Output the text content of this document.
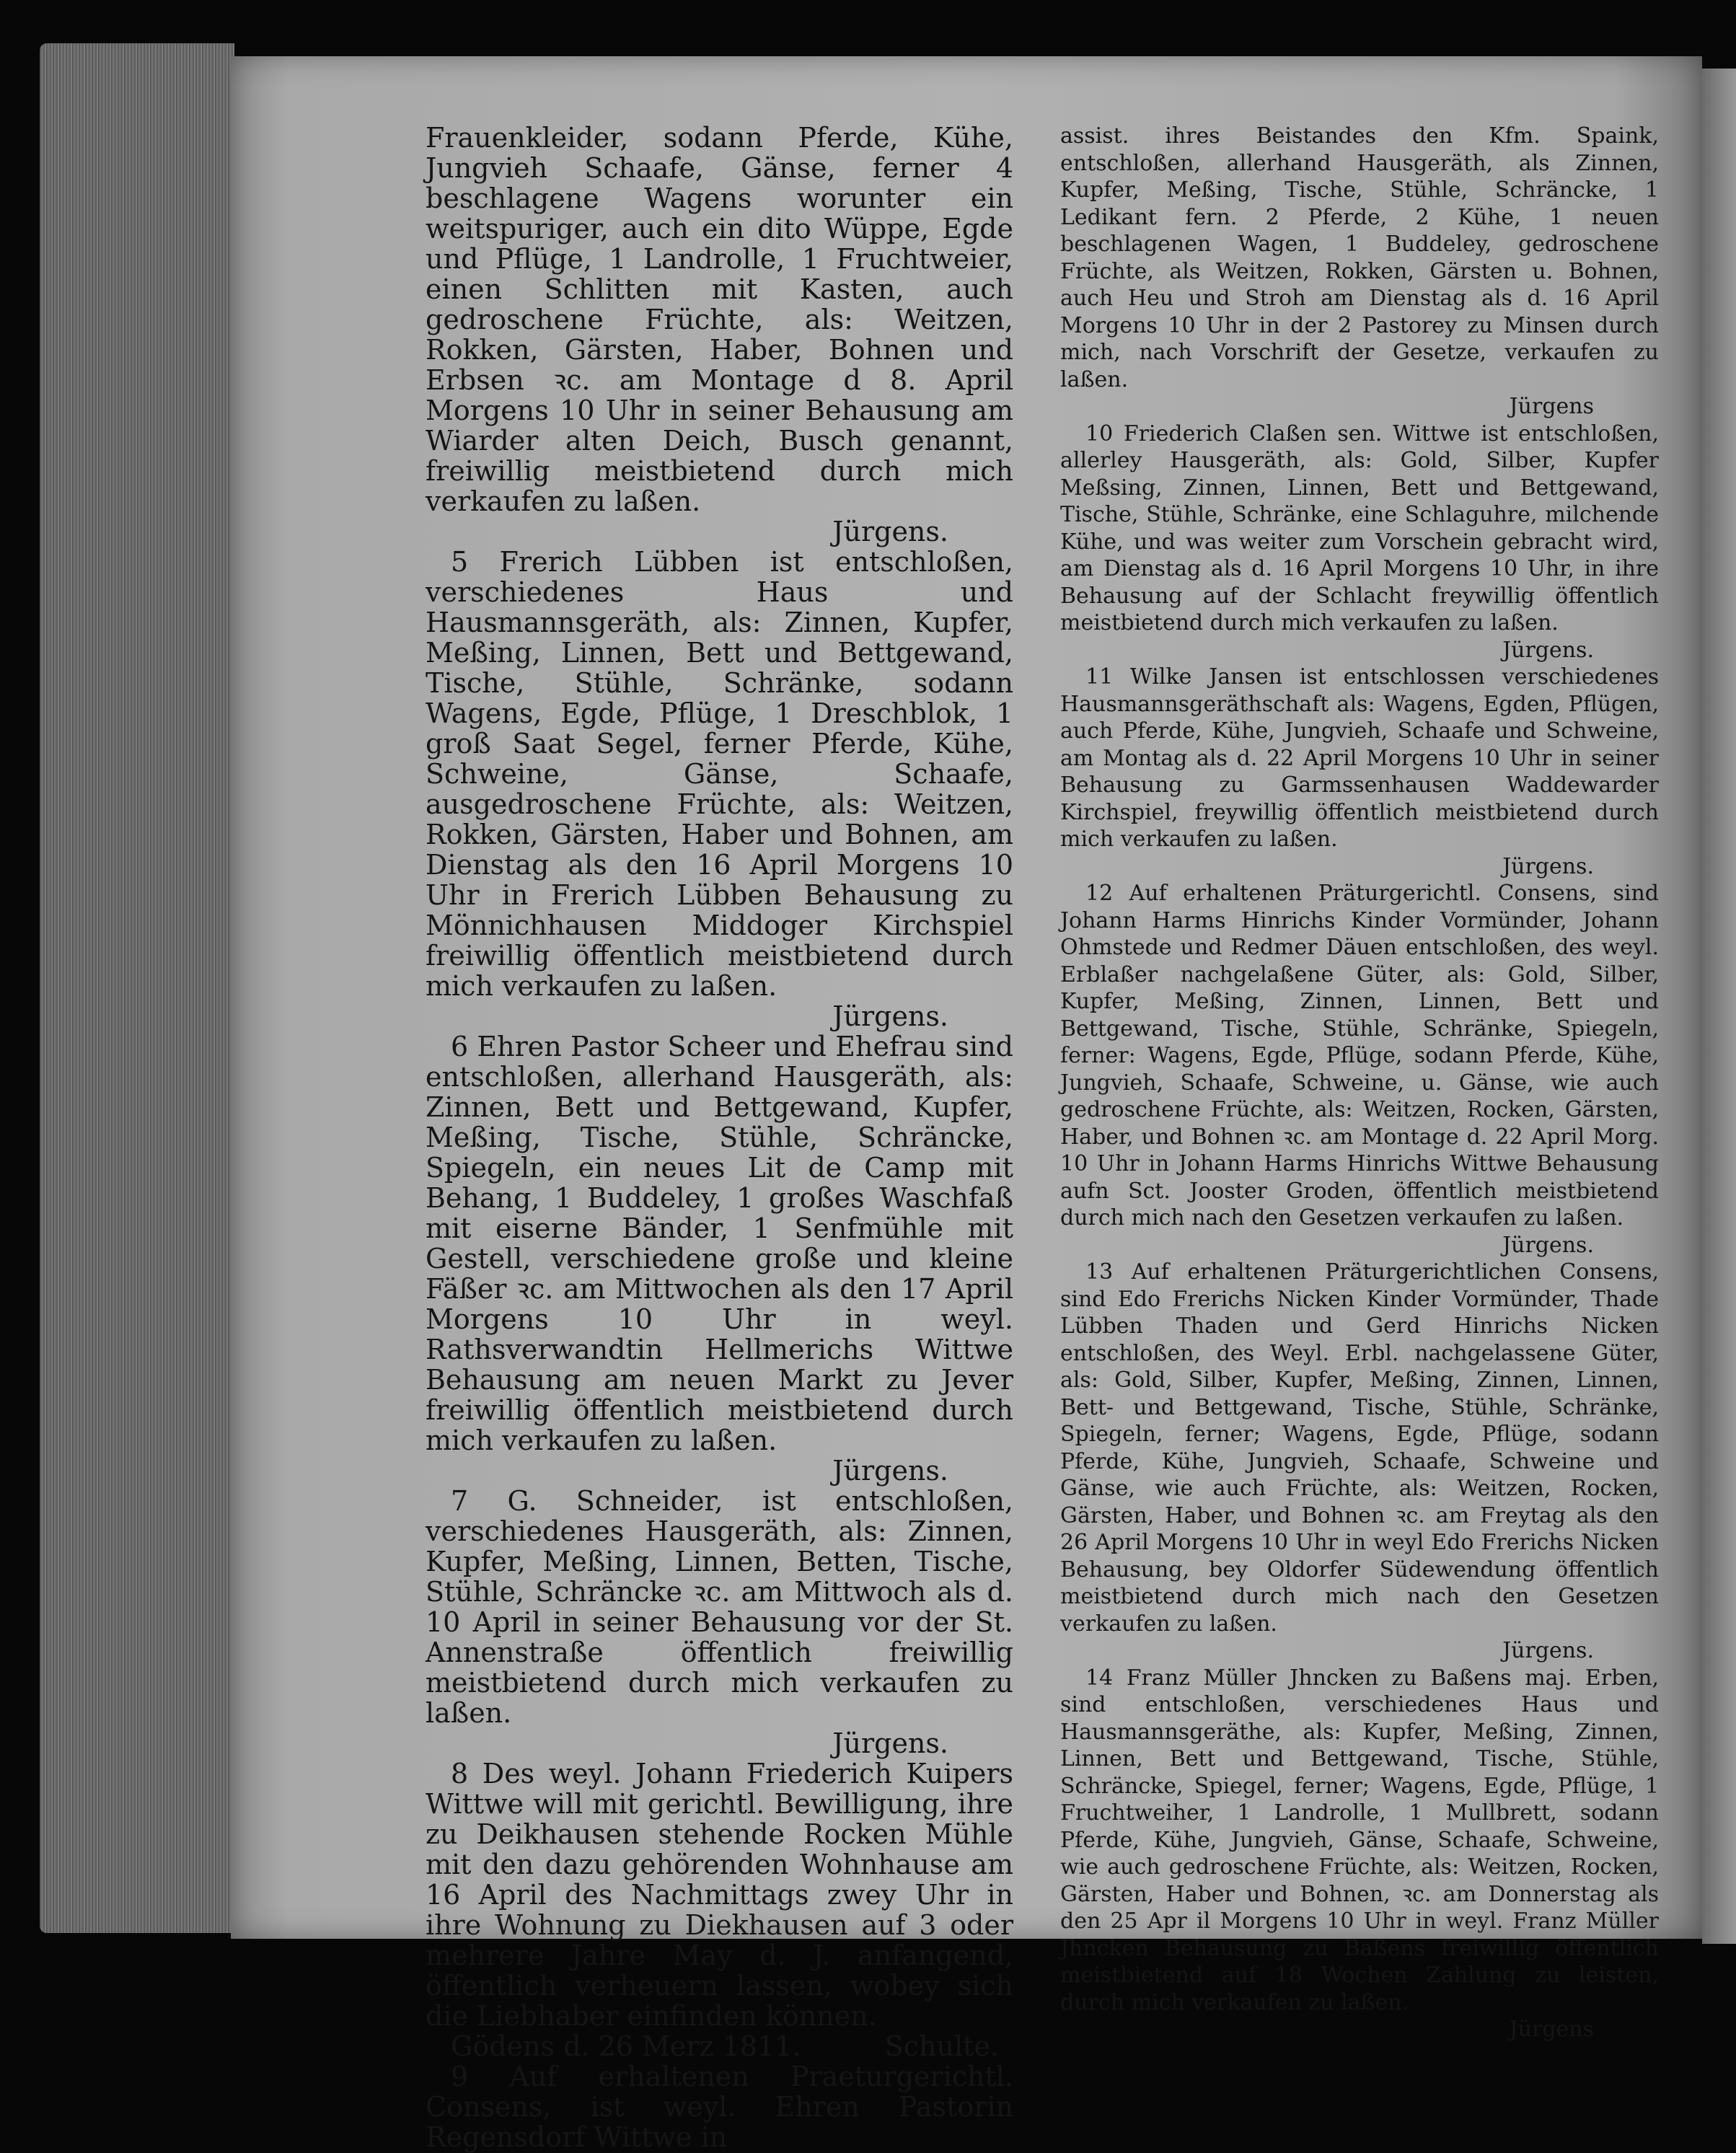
Frauenkleider, sodann Pferde, Kühe, Jungvieh Schaafe, Gänse, ferner 4 beschlagene Wagens worunter ein weitspuriger, auch ein dito Wüppe, Egde und Pflüge, 1 Landrolle, 1 Fruchtweier, einen Schlitten mit Kasten, auch gedroschene Früchte, als: Weitzen, Rokken, Gärsten, Haber, Bohnen und Erbsen ꝛc. am Montage d 8. April Morgens 10 Uhr in seiner Behausung am Wiarder alten Deich, Busch genannt, freiwillig meistbietend durch mich verkaufen zu laßen.

Jürgens.

5 Frerich Lübben ist entschloßen, verschiedenes Haus und Hausmannsgeräth, als: Zinnen, Kupfer, Meßing, Linnen, Bett und Bettgewand, Tische, Stühle, Schränke, sodann Wagens, Egde, Pflüge, 1 Dreschblok, 1 groß Saat Segel, ferner Pferde, Kühe, Schweine, Gänse, Schaafe, ausgedroschene Früchte, als: Weitzen, Rokken, Gärsten, Haber und Bohnen, am Dienstag als den 16 April Morgens 10 Uhr in Frerich Lübben Behausung zu Mönnichhausen Middoger Kirchspiel freiwillig öffentlich meistbietend durch mich verkaufen zu laßen.

Jürgens.

6 Ehren Pastor Scheer und Ehefrau sind entschloßen, allerhand Hausgeräth, als: Zinnen, Bett und Bettgewand, Kupfer, Meßing, Tische, Stühle, Schräncke, Spiegeln, ein neues Lit de Camp mit Behang, 1 Buddeley, 1 großes Waschfaß mit eiserne Bänder, 1 Senfmühle mit Gestell, verschiedene große und kleine Fäßer ꝛc. am Mittwochen als den 17 April Morgens 10 Uhr in weyl. Rathsverwandtin Hellmerichs Wittwe Behausung am neuen Markt zu Jever freiwillig öffentlich meistbietend durch mich verkaufen zu laßen.

Jürgens.

7 G. Schneider, ist entschloßen, verschiedenes Hausgeräth, als: Zinnen, Kupfer, Meßing, Linnen, Betten, Tische, Stühle, Schräncke ꝛc. am Mittwoch als d. 10 April in seiner Behausung vor der St. Annenstraße öffentlich freiwillig meistbietend durch mich verkaufen zu laßen.

Jürgens.

8 Des weyl. Johann Friederich Kuipers Wittwe will mit gerichtl. Bewilligung, ihre zu Deikhausen stehende Rocken Mühle mit den dazu gehörenden Wohnhause am 16 April des Nachmittags zwey Uhr in ihre Wohnung zu Diekhausen auf 3 oder mehrere Jahre May d. J. anfangend, öffentlich verheuern lassen, wobey sich die Liebhaber einfinden können.

Gödens d. 26 Merz 1811.	Schulte.

9 Auf erhaltenen Praeturgerichtl. Consens, ist weyl. Ehren Pastorin Regensdorf Wittwe in

assist. ihres Beistandes den Kfm. Spaink, entschloßen, allerhand Hausgeräth, als Zinnen, Kupfer, Meßing, Tische, Stühle, Schräncke, 1 Ledikant fern. 2 Pferde, 2 Kühe, 1 neuen beschlagenen Wagen, 1 Buddeley, gedroschene Früchte, als Weitzen, Rokken, Gärsten u. Bohnen, auch Heu und Stroh am Dienstag als d. 16 April Morgens 10 Uhr in der 2 Pastorey zu Minsen durch mich, nach Vorschrift der Gesetze, verkaufen zu laßen.

Jürgens

10 Friederich Claßen sen. Wittwe ist entschloßen, allerley Hausgeräth, als: Gold, Silber, Kupfer Meßsing, Zinnen, Linnen, Bett und Bettgewand, Tische, Stühle, Schränke, eine Schlaguhre, milchende Kühe, und was weiter zum Vorschein gebracht wird, am Dienstag als d. 16 April Morgens 10 Uhr, in ihre Behausung auf der Schlacht freywillig öffentlich meistbietend durch mich verkaufen zu laßen.

Jürgens.

11 Wilke Jansen ist entschlossen verschiedenes Hausmannsgeräthschaft als: Wagens, Egden, Pflügen, auch Pferde, Kühe, Jungvieh, Schaafe und Schweine, am Montag als d. 22 April Morgens 10 Uhr in seiner Behausung zu Garmssenhausen Waddewarder Kirchspiel, freywillig öffentlich meistbietend durch mich verkaufen zu laßen.

Jürgens.

12 Auf erhaltenen Präturgerichtl. Consens, sind Johann Harms Hinrichs Kinder Vormünder, Johann Ohmstede und Redmer Däuen entschloßen, des weyl. Erblaßer nachgelaßene Güter, als: Gold, Silber, Kupfer, Meßing, Zinnen, Linnen, Bett und Bettgewand, Tische, Stühle, Schränke, Spiegeln, ferner: Wagens, Egde, Pflüge, sodann Pferde, Kühe, Jungvieh, Schaafe, Schweine, u. Gänse, wie auch gedroschene Früchte, als: Weitzen, Rocken, Gärsten, Haber, und Bohnen ꝛc. am Montage d. 22 April Morg. 10 Uhr in Johann Harms Hinrichs Wittwe Behausung aufn Sct. Jooster Groden, öffentlich meistbietend durch mich nach den Gesetzen verkaufen zu laßen.

Jürgens.

13 Auf erhaltenen Präturgerichtlichen Consens, sind Edo Frerichs Nicken Kinder Vormünder, Thade Lübben Thaden und Gerd Hinrichs Nicken entschloßen, des Weyl. Erbl. nachgelassene Güter, als: Gold, Silber, Kupfer, Meßing, Zinnen, Linnen, Bett- und Bettgewand, Tische, Stühle, Schränke, Spiegeln, ferner; Wagens, Egde, Pflüge, sodann Pferde, Kühe, Jungvieh, Schaafe, Schweine und Gänse, wie auch Früchte, als: Weitzen, Rocken, Gärsten, Haber, und Bohnen ꝛc. am Freytag als den 26 April Morgens 10 Uhr in weyl Edo Frerichs Nicken Behausung, bey Oldorfer Südewendung öffentlich meistbietend durch mich nach den Gesetzen verkaufen zu laßen.

Jürgens.

14 Franz Müller Jhncken zu Baßens maj. Erben, sind entschloßen, verschiedenes Haus und Hausmannsgeräthe, als: Kupfer, Meßing, Zinnen, Linnen, Bett und Bettgewand, Tische, Stühle, Schräncke, Spiegel, ferner; Wagens, Egde, Pflüge, 1 Fruchtweiher, 1 Landrolle, 1 Mullbrett, sodann Pferde, Kühe, Jungvieh, Gänse, Schaafe, Schweine, wie auch gedroschene Früchte, als: Weitzen, Rocken, Gärsten, Haber und Bohnen, ꝛc. am Donnerstag als den 25 Apr il Morgens 10 Uhr in weyl. Franz Müller Jhncken Behausung zu Baßens freiwillig öffentlich meistbietend auf 18 Wochen Zahlung zu leisten, durch mich verkaufen zu laßen.

Jürgens
